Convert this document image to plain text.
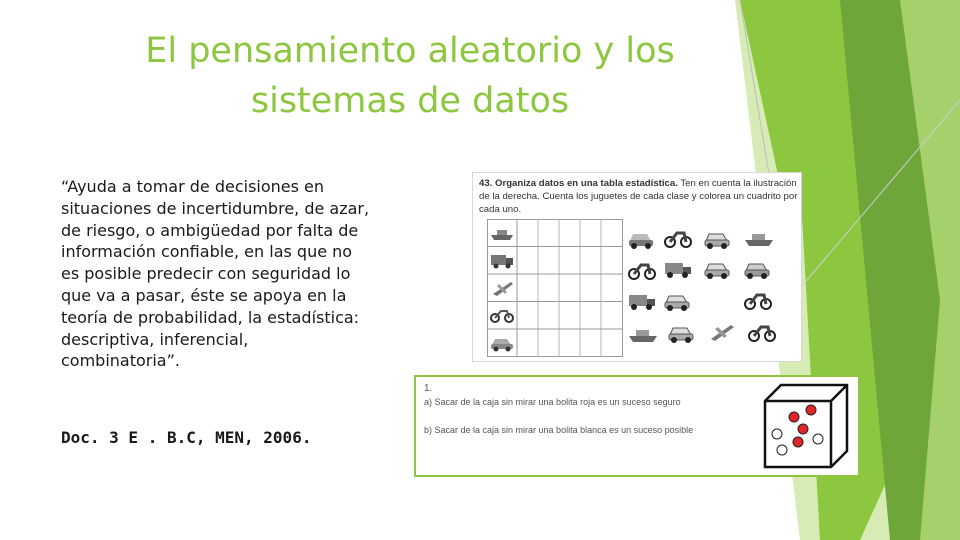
El pensamiento aleatorio y los sistemas de datos
“Ayuda a tomar de decisiones en situaciones de incertidumbre, de azar, de riesgo, o ambigüedad por falta de información confiable, en las que no es posible predecir con seguridad lo que va a pasar, éste se apoya en la teoría de probabilidad, la estadística: descriptiva, inferencial, combinatoria”.
Doc. 3 E . B.C, MEN, 2006.
43. Organiza datos en una tabla estadística. Ten en cuenta la ilustración de la derecha. Cuenta los juguetes de cada clase y colorea un cuadrito por cada uno.
1.
a) Sacar de la caja sin mirar una bolita roja es un suceso seguro
b) Sacar de la caja sin mirar una bolita blanca es un suceso posible
